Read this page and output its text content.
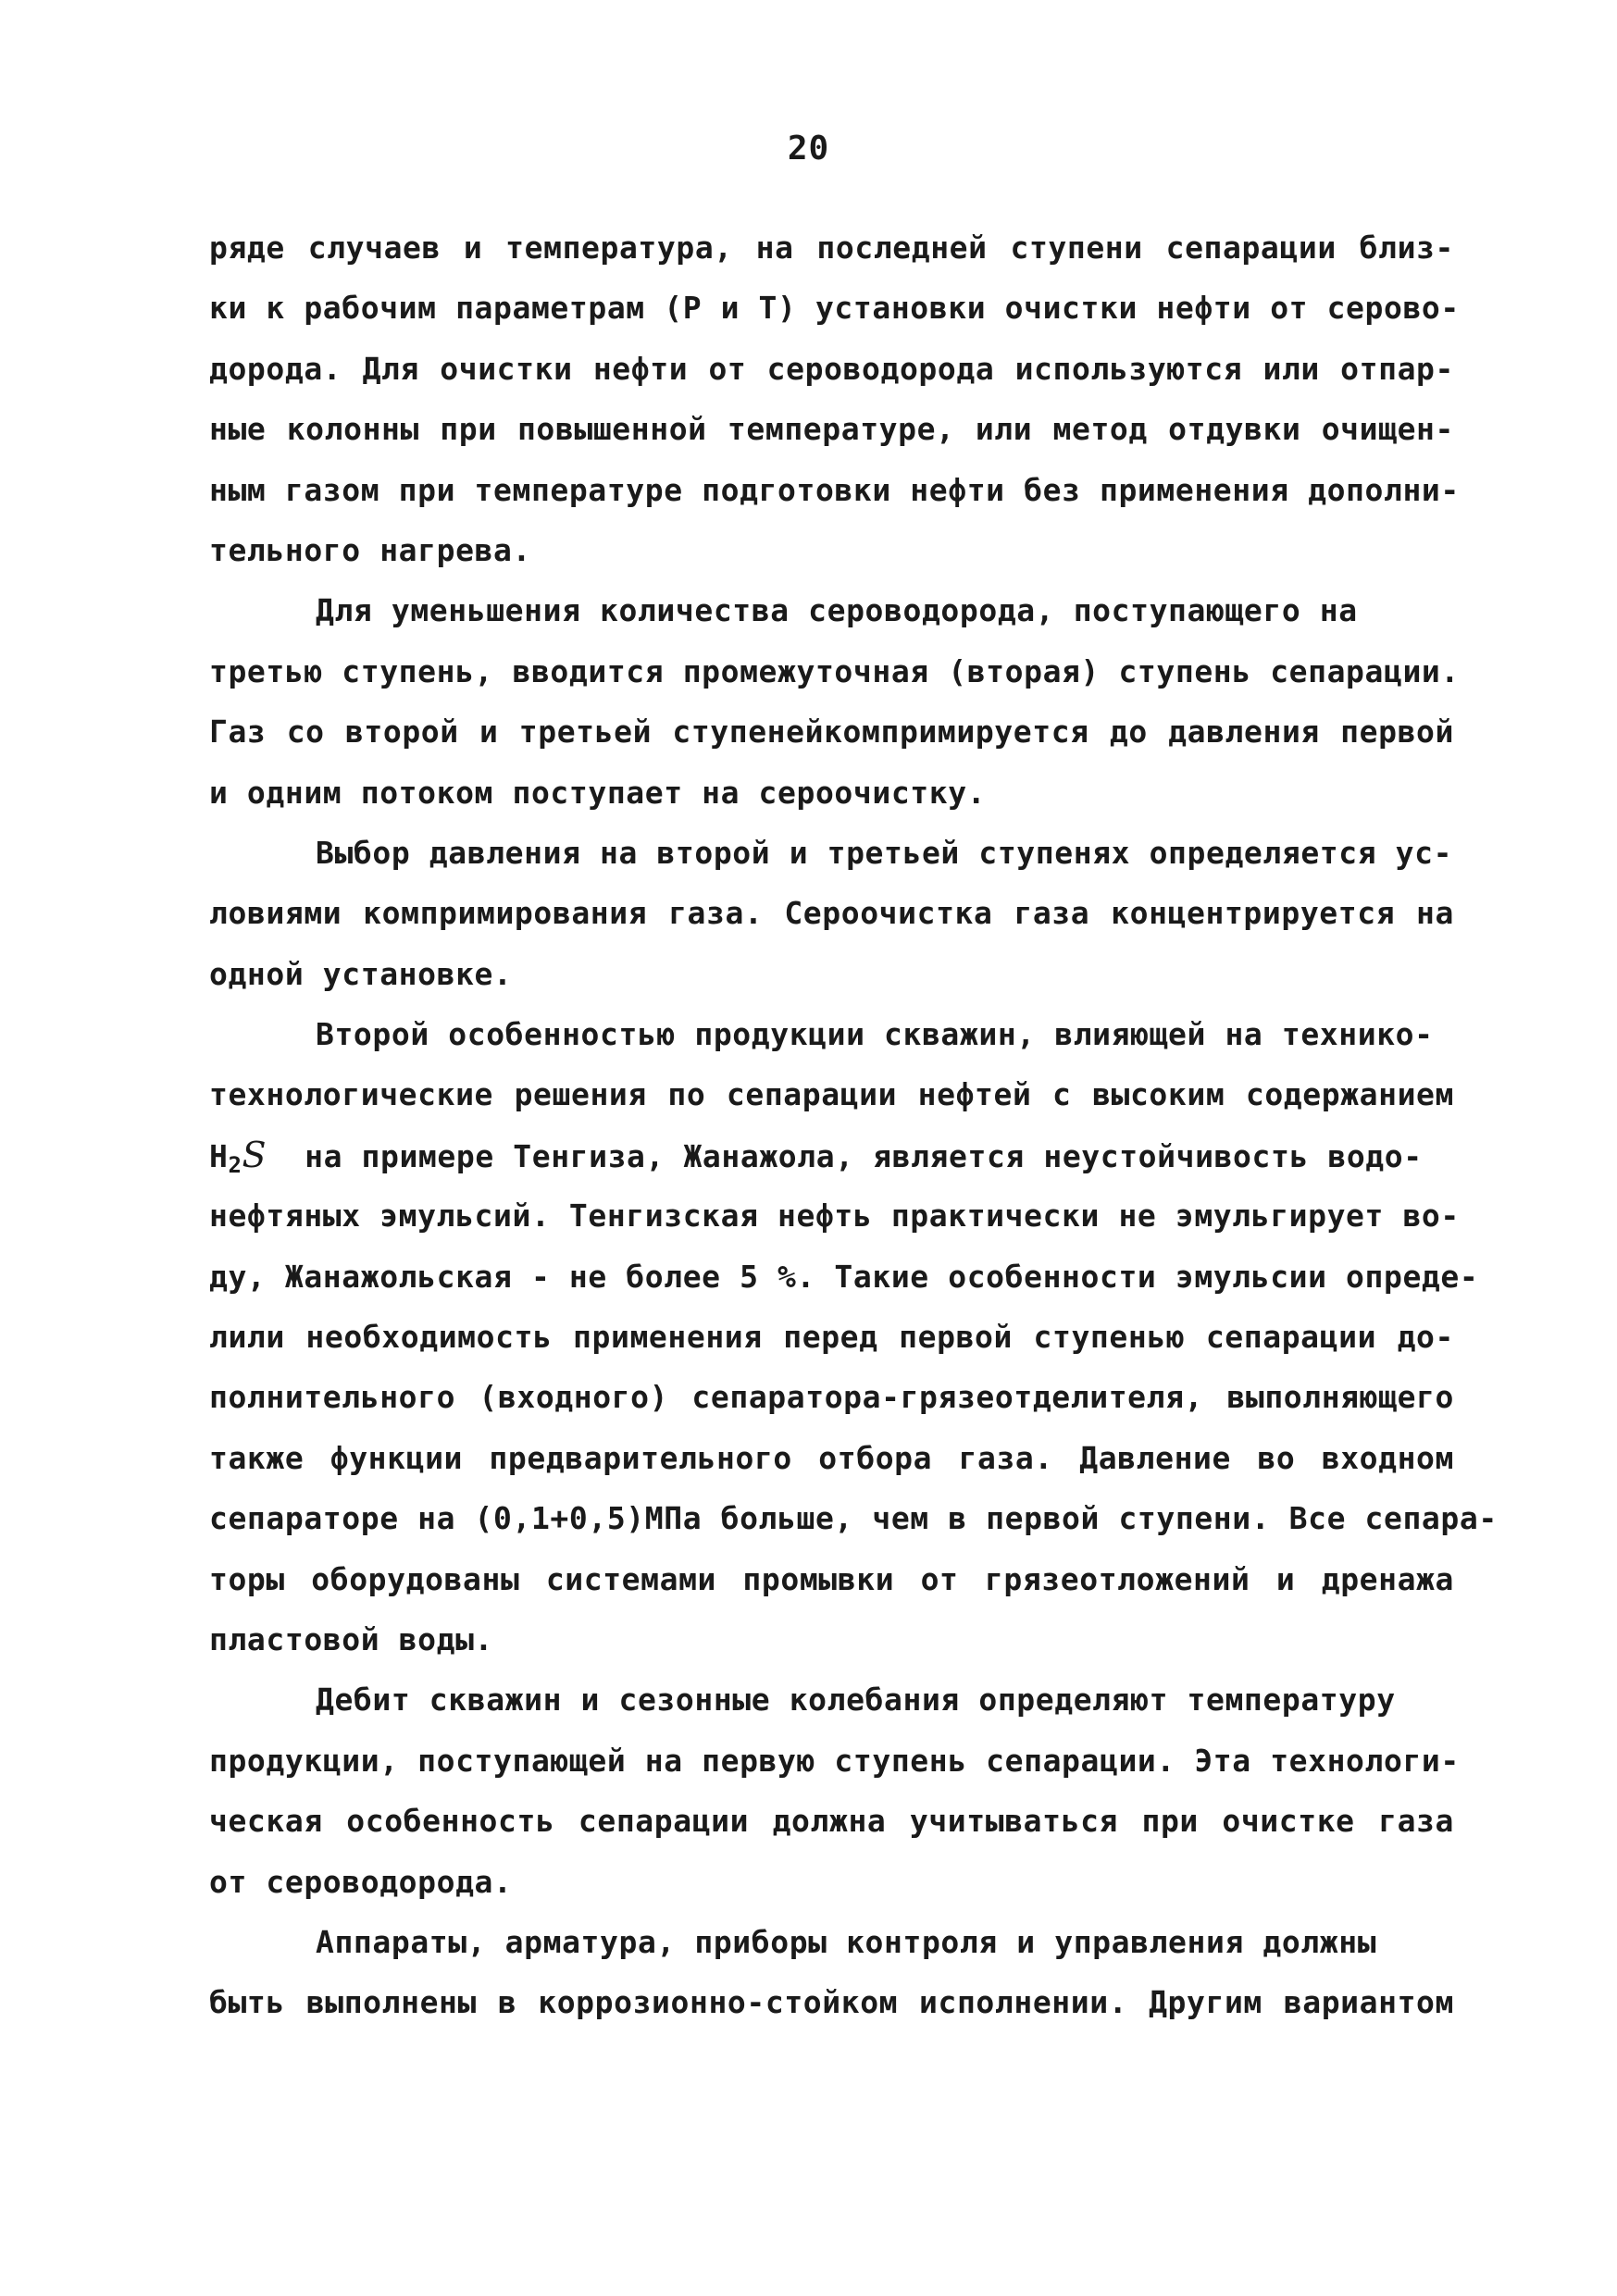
20
ряде случаев и температура, на последней ступени сепарации близ-
ки к рабочим параметрам (Р и Т) установки очистки нефти от серово-
дорода. Для очистки нефти от сероводорода используются или отпар-
ные колонны при повышенной температуре, или метод отдувки очищен-
ным газом при температуре подготовки нефти без применения дополни-
тельного нагрева.
Для уменьшения количества сероводорода, поступающего на
третью ступень, вводится промежуточная (вторая) ступень сепарации.
Газ со второй и третьей ступенейкомпримируется до давления первой
и одним потоком поступает на сероочистку.
Выбор давления на второй и третьей ступенях определяется ус-
ловиями компримирования газа. Сероочистка газа концентрируется на
одной установке.
Второй особенностью продукции скважин, влияющей на технико-
технологические решения по сепарации нефтей с высоким содержанием
$H_2S$ на примере Тенгиза, Жанажола, является неустойчивость водо-
нефтяных эмульсий. Тенгизская нефть практически не эмульгирует во-
ду, Жанажольская - не более 5 %. Такие особенности эмульсии опреде-
лили необходимость применения перед первой ступенью сепарации до-
полнительного (входного) сепаратора-грязеотделителя, выполняющего
также функции предварительного отбора газа. Давление во входном
сепараторе на (0,1+0,5)МПа больше, чем в первой ступени. Все сепара-
торы оборудованы системами промывки от грязеотложений и дренажа
пластовой воды.
Дебит скважин и сезонные колебания определяют температуру
продукции, поступающей на первую ступень сепарации. Эта технологи-
ческая особенность сепарации должна учитываться при очистке газа
от сероводорода.
Аппараты, арматура, приборы контроля и управления должны
быть выполнены в коррозионно-стойком исполнении. Другим вариантом
